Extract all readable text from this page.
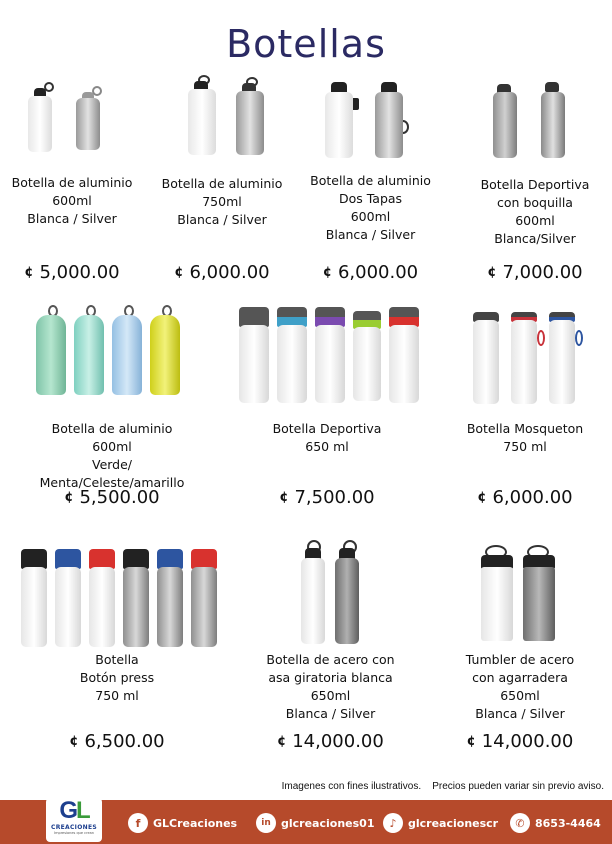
Botellas
Botella de aluminio
600ml
Blanca / Silver
¢ 5,000.00
Botella de aluminio
750ml
Blanca / Silver
¢ 6,000.00
Botella de aluminio
Dos Tapas
600ml
Blanca / Silver
¢ 6,000.00
Botella Deportiva
con boquilla
600ml
Blanca/Silver
¢ 7,000.00
Botella de aluminio
600ml
Verde/ Menta/Celeste/amarillo
¢ 5,500.00
Botella Deportiva
650 ml
¢ 7,500.00
Botella Mosqueton
750 ml
¢ 6,000.00
Botella
Botón press
750 ml
¢ 6,500.00
Botella de acero con
asa giratoria blanca
650ml
Blanca / Silver
¢ 14,000.00
Tumbler de acero
con agarradera
650ml
Blanca / Silver
¢ 14,000.00
Imagenes con fines ilustrativos.    Precios pueden variar sin previo aviso.
GL
CREACIONES
Impresiones que crean
f	GLCreaciones	in glcreaciones01	♪	glcreacionescr	✆ 8653-4464
